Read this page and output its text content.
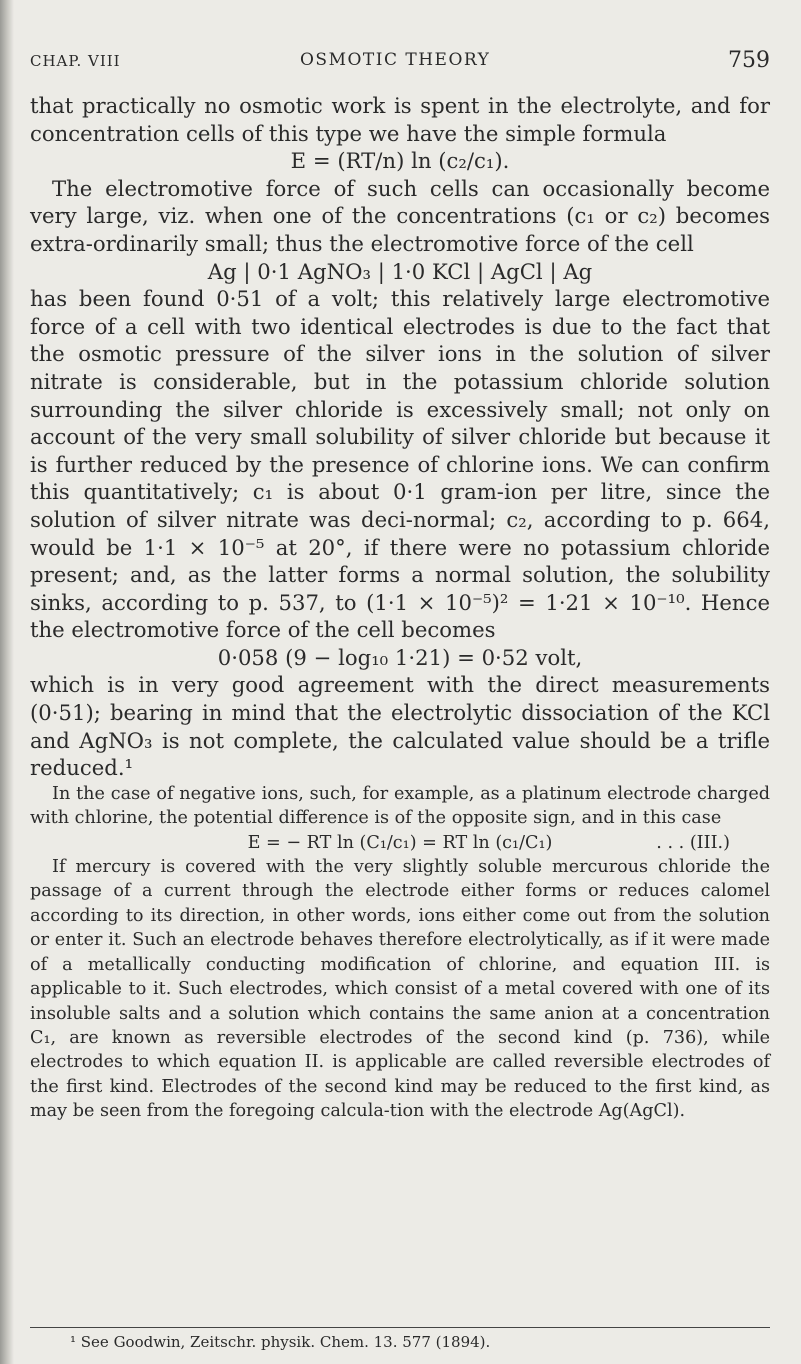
CHAP. VIII	OSMOTIC THEORY	759

that practically no osmotic work is spent in the electrolyte, and for concentration cells of this type we have the simple formula

E = (RT/n) ln (c₂/c₁).

The electromotive force of such cells can occasionally become very large, viz. when one of the concentrations (c₁ or c₂) becomes extra-ordinarily small; thus the electromotive force of the cell

Ag | 0·1 AgNO₃ | 1·0 KCl | AgCl | Ag

has been found 0·51 of a volt; this relatively large electromotive force of a cell with two identical electrodes is due to the fact that the osmotic pressure of the silver ions in the solution of silver nitrate is considerable, but in the potassium chloride solution surrounding the silver chloride is excessively small; not only on account of the very small solubility of silver chloride but because it is further reduced by the presence of chlorine ions. We can confirm this quantitatively; c₁ is about 0·1 gram-ion per litre, since the solution of silver nitrate was deci-normal; c₂, according to p. 664, would be 1·1 × 10⁻⁵ at 20°, if there were no potassium chloride present; and, as the latter forms a normal solution, the solubility sinks, according to p. 537, to (1·1 × 10⁻⁵)² = 1·21 × 10⁻¹⁰. Hence the electromotive force of the cell becomes

0·058 (9 − log₁₀ 1·21) = 0·52 volt,

which is in very good agreement with the direct measurements (0·51); bearing in mind that the electrolytic dissociation of the KCl and AgNO₃ is not complete, the calculated value should be a trifle reduced.¹

In the case of negative ions, such, for example, as a platinum electrode charged with chlorine, the potential difference is of the opposite sign, and in this case

E = − RT ln (C₁/c₁) = RT ln (c₁/C₁)	. . . (III.)

If mercury is covered with the very slightly soluble mercurous chloride the passage of a current through the electrode either forms or reduces calomel according to its direction, in other words, ions either come out from the solution or enter it. Such an electrode behaves therefore electrolytically, as if it were made of a metallically conducting modification of chlorine, and equation III. is applicable to it. Such electrodes, which consist of a metal covered with one of its insoluble salts and a solution which contains the same anion at a concentration C₁, are known as reversible electrodes of the second kind (p. 736), while electrodes to which equation II. is applicable are called reversible electrodes of the first kind. Electrodes of the second kind may be reduced to the first kind, as may be seen from the foregoing calcula-tion with the electrode Ag(AgCl).

¹ See Goodwin, Zeitschr. physik. Chem. 13. 577 (1894).
